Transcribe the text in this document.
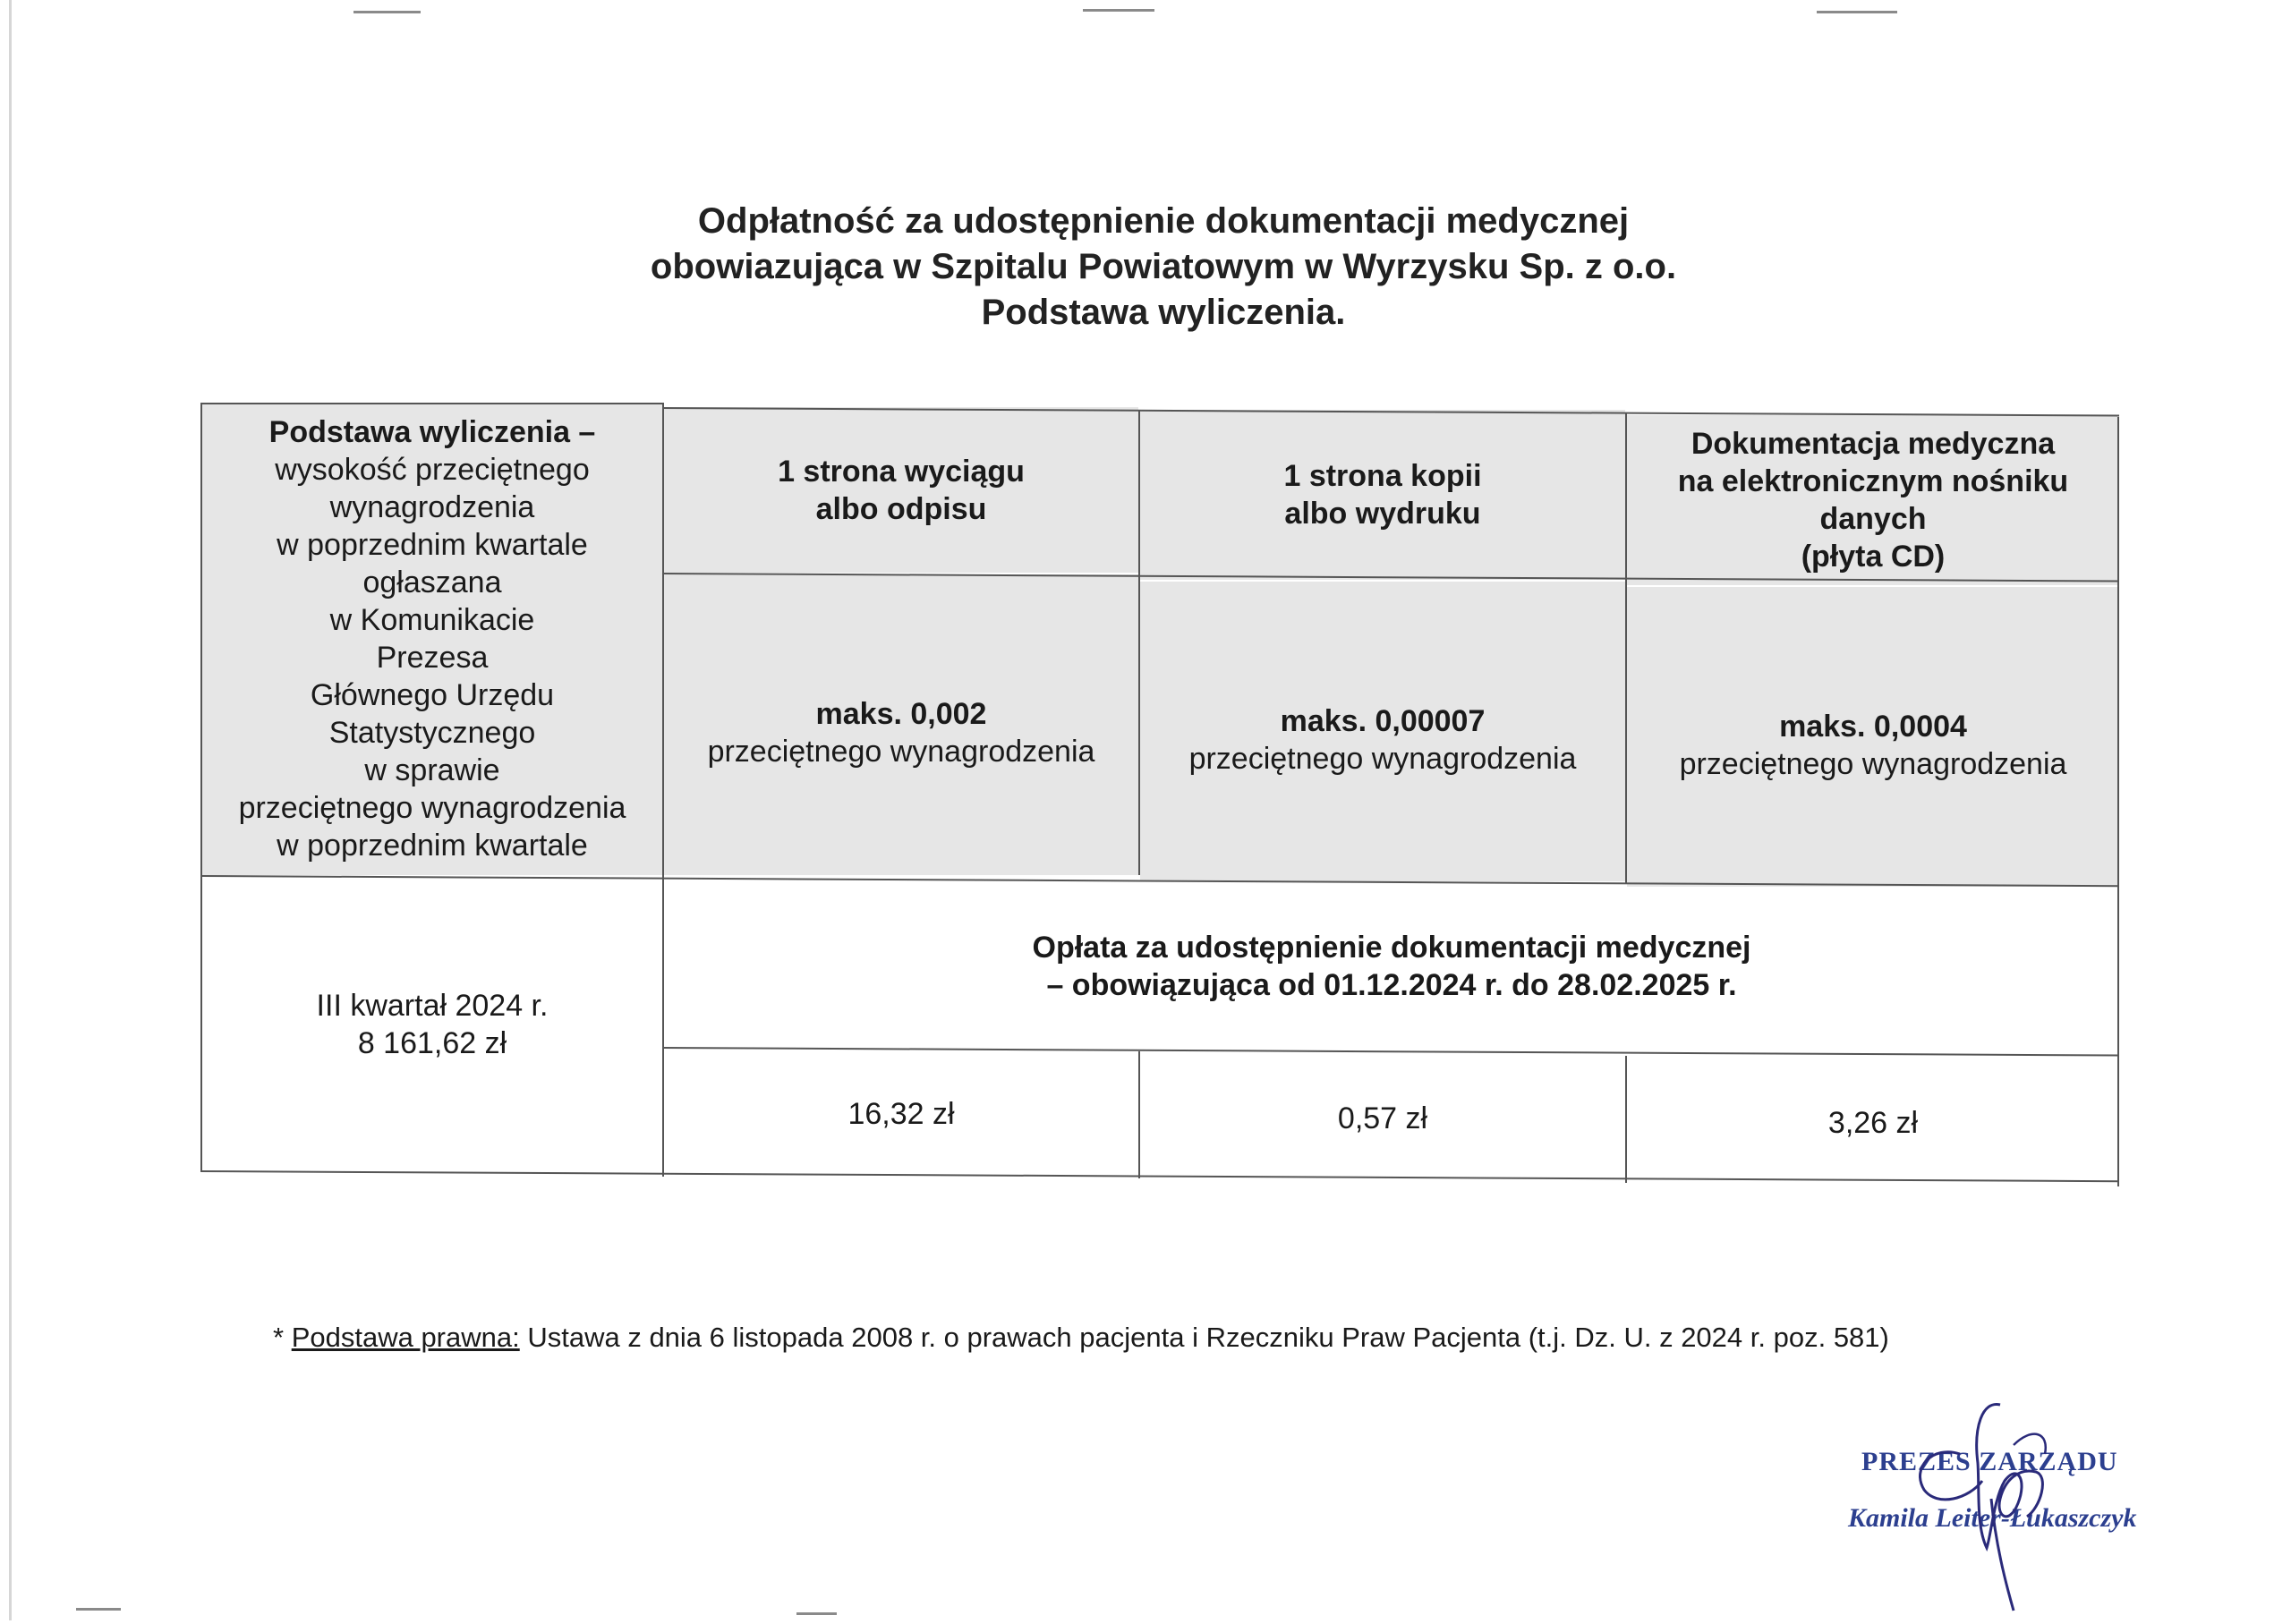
Odpłatność za udostępnienie dokumentacji medycznej
obowiazująca w Szpitalu Powiatowym w Wyrzysku Sp. z o.o.
Podstawa wyliczenia.
Podstawa wyliczenia –
wysokość przeciętnego
wynagrodzenia
w poprzednim kwartale
ogłaszana
w Komunikacie
Prezesa
Głównego Urzędu
Statystycznego
w sprawie
przeciętnego wynagrodzenia
w poprzednim kwartale
1 strona wyciągu
albo odpisu
1 strona kopii
albo wydruku
Dokumentacja medyczna
na elektronicznym nośniku
danych
(płyta CD)
maks. 0,002
przeciętnego wynagrodzenia
maks. 0,00007
przeciętnego wynagrodzenia
maks. 0,0004
przeciętnego wynagrodzenia
III kwartał 2024 r.
8 161,62 zł
Opłata za udostępnienie dokumentacji medycznej
– obowiązująca od 01.12.2024 r. do 28.02.2025 r.
16,32 zł	0,57 zł	3,26 zł
* Podstawa prawna: Ustawa z dnia 6 listopada 2008 r. o prawach pacjenta i Rzeczniku Praw Pacjenta (t.j. Dz. U. z 2024 r. poz. 581)
PREZES ZARZĄDU
Kamila Leiter-Łukaszczyk
